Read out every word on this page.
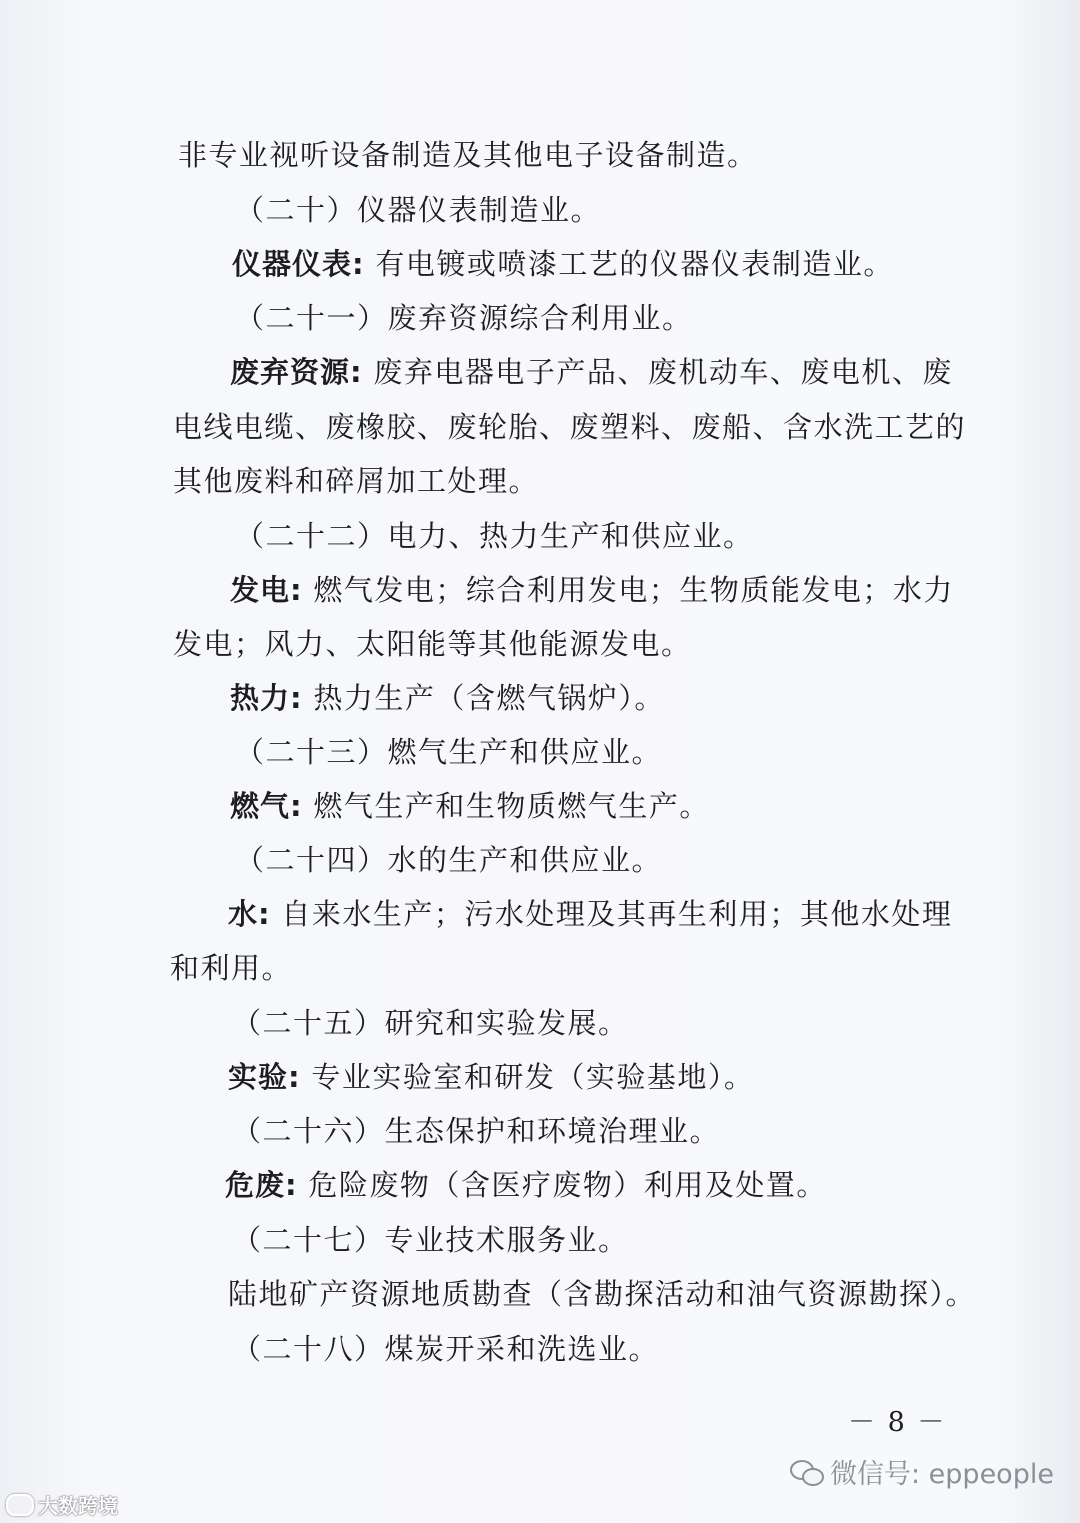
非专业视听设备制造及其他电子设备制造。
（二十）仪器仪表制造业。
仪器仪表: 有电镀或喷漆工艺的仪器仪表制造业。
（二十一）废弃资源综合利用业。
废弃资源: 废弃电器电子产品、废机动车、废电机、废
电线电缆、废橡胶、废轮胎、废塑料、废船、含水洗工艺的
其他废料和碎屑加工处理。
（二十二）电力、热力生产和供应业。
发电: 燃气发电；综合利用发电；生物质能发电；水力
发电；风力、太阳能等其他能源发电。
热力: 热力生产（含燃气锅炉）。
（二十三）燃气生产和供应业。
燃气: 燃气生产和生物质燃气生产。
（二十四）水的生产和供应业。
水: 自来水生产；污水处理及其再生利用；其他水处理
和利用。
（二十五）研究和实验发展。
实验: 专业实验室和研发（实验基地）。
（二十六）生态保护和环境治理业。
危废: 危险废物（含医疗废物）利用及处置。
（二十七）专业技术服务业。
陆地矿产资源地质勘查（含勘探活动和油气资源勘探）。
（二十八）煤炭开采和洗选业。
－ 8 －
微信号: eppeople
大数跨境
